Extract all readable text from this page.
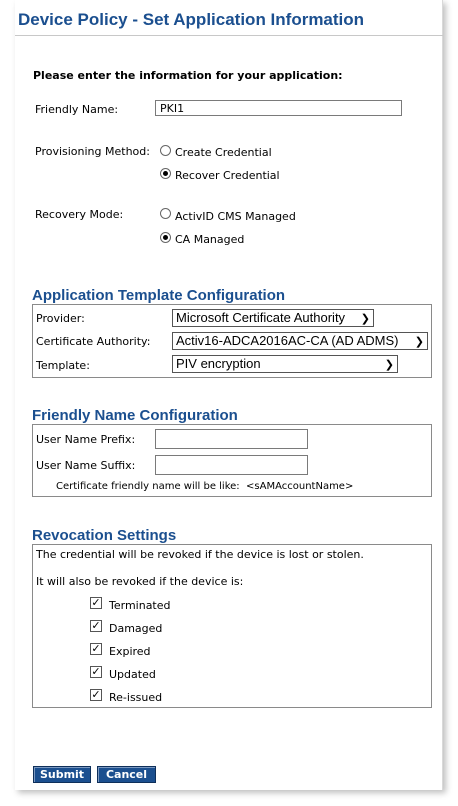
Device Policy - Set Application Information
Please enter the information for your application:
Friendly Name:
PKI1
Provisioning Method: Create Credential
Recover Credential
Recovery Mode:	ActivID CMS Managed
CA Managed
Application Template Configuration
Provider:	Microsoft Certificate Authority ❯
Certificate Authority:	Activ16-ADCA2016AC-CA (AD ADMS) ❯
Template:	PIV encryption	❯
Friendly Name Configuration
User Name Prefix:
User Name Suffix:
Certificate friendly name will be like:  <sAMAccountName>
Revocation Settings
The credential will be revoked if the device is lost or stolen.
It will also be revoked if the device is:
✓ Terminated
✓ Damaged
✓ Expired
✓ Updated
✓ Re-issued
Submit	Cancel
